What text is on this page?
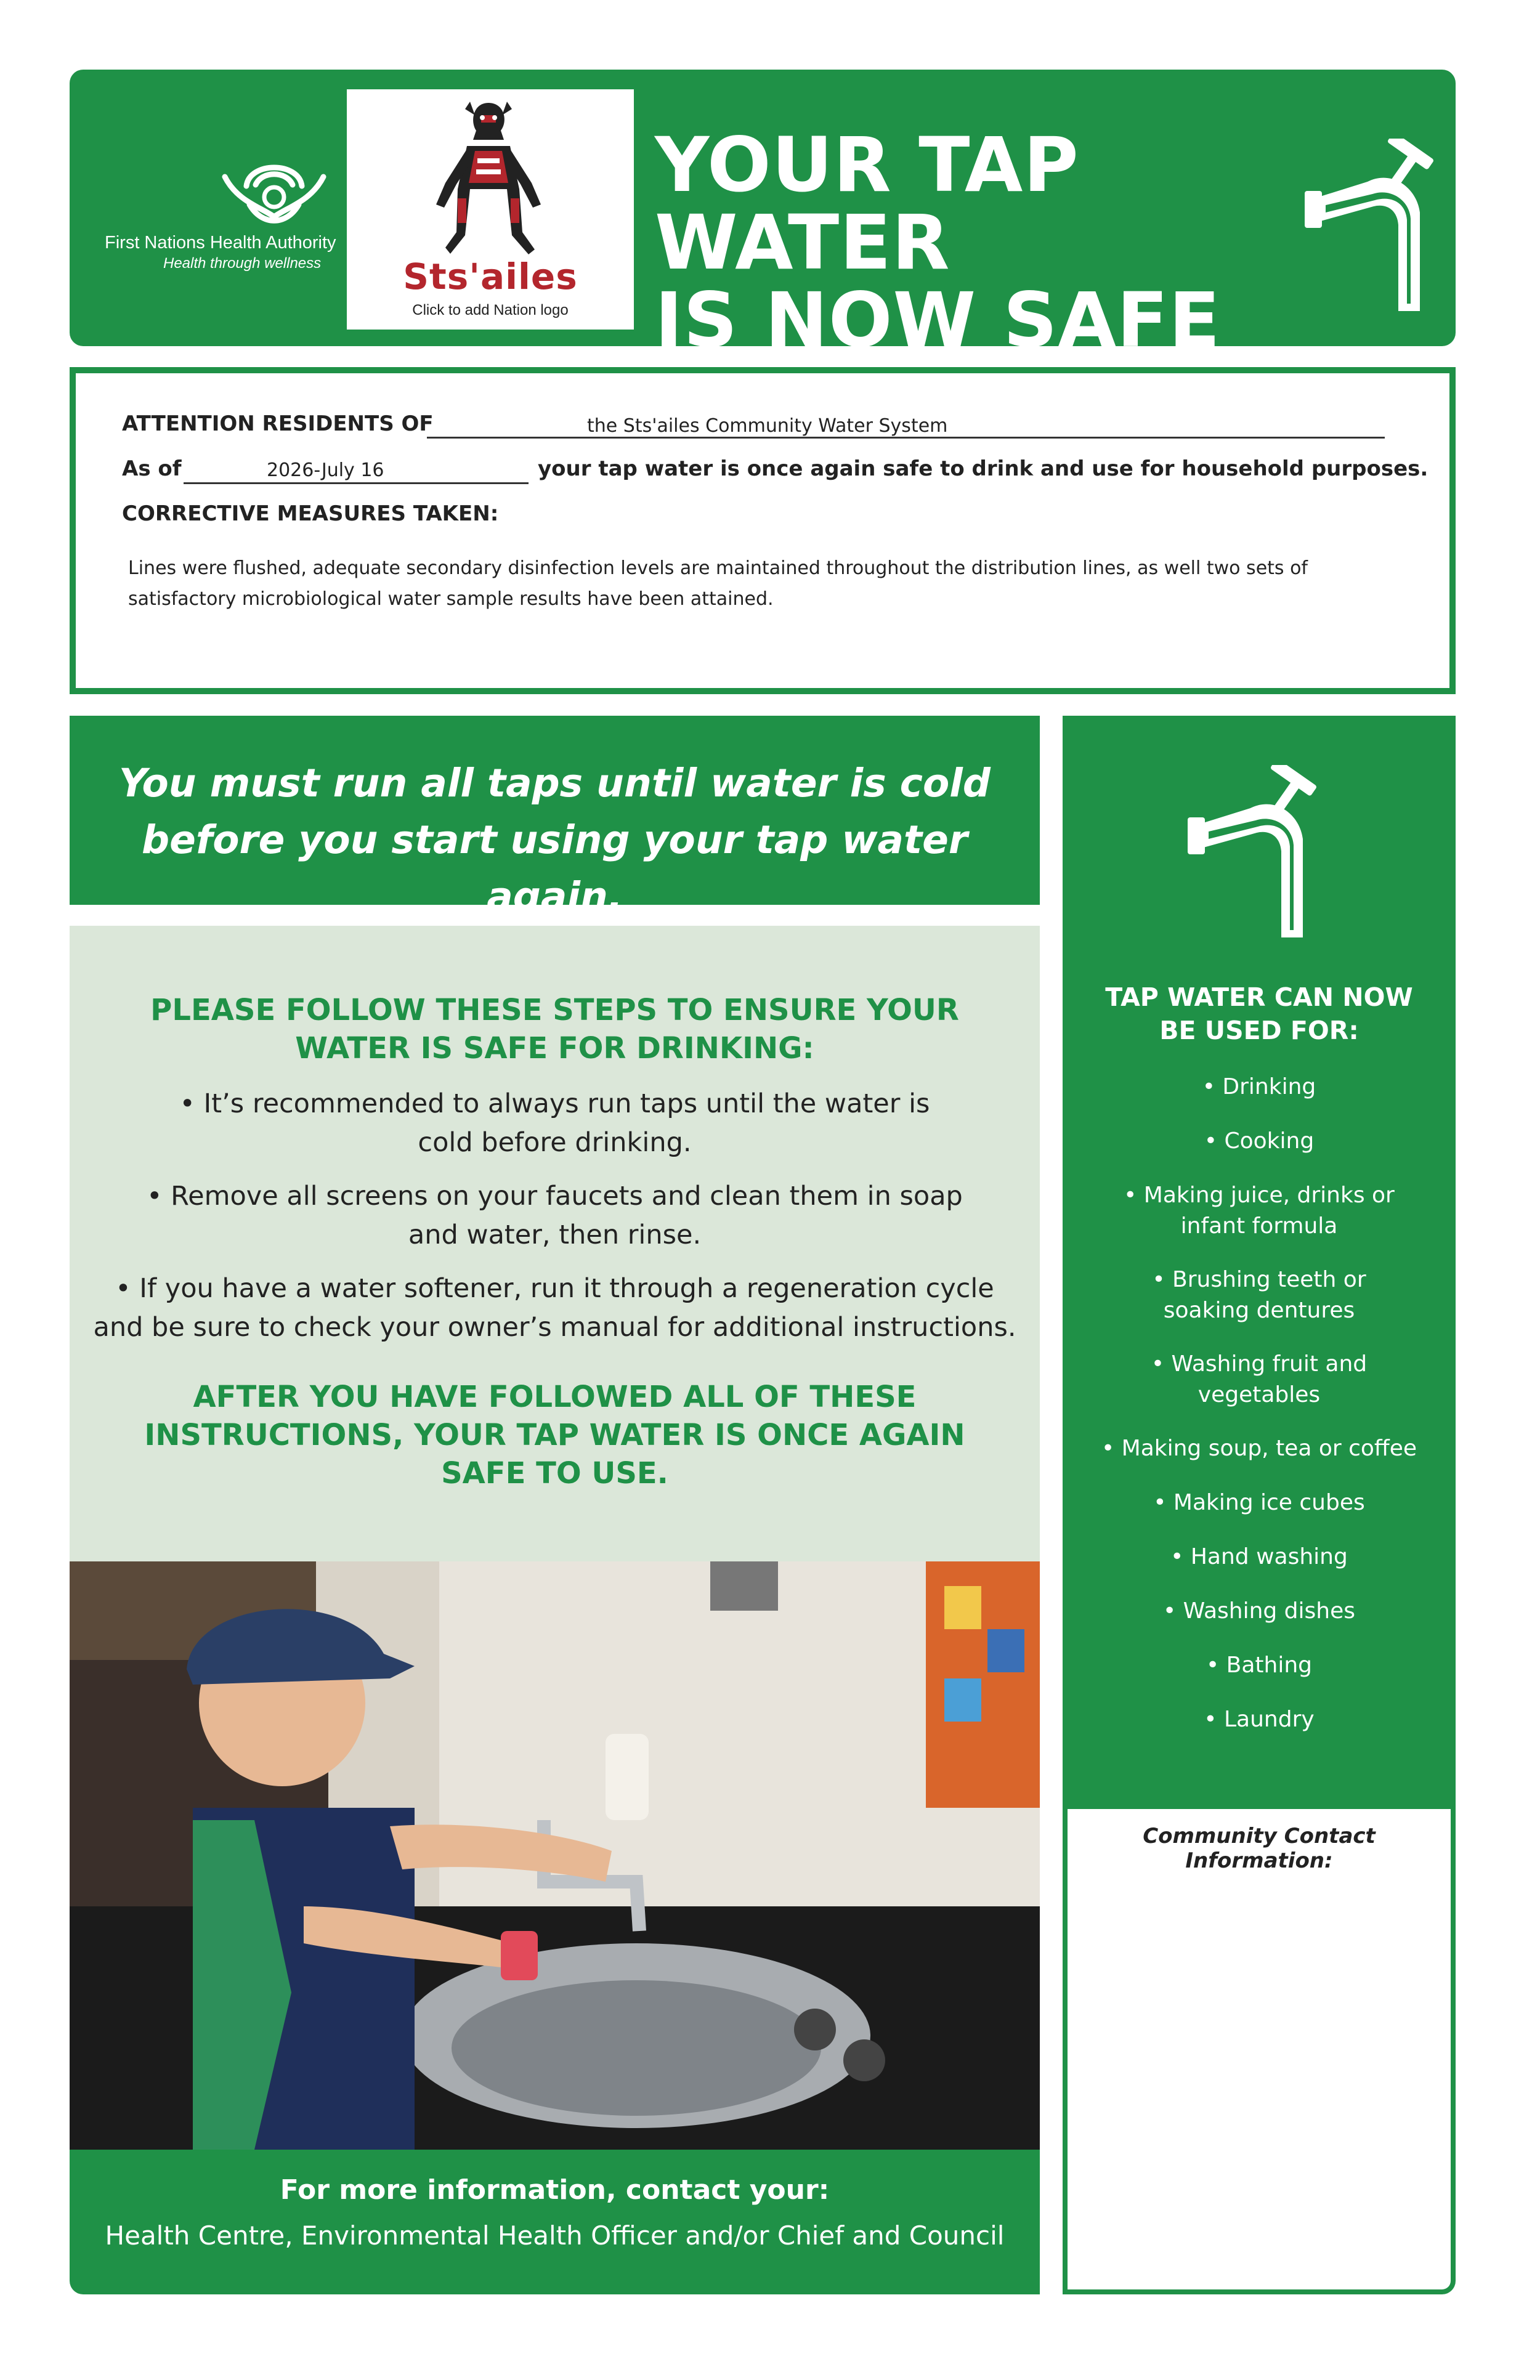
First Nations Health Authority
Health through wellness	Sts'ailes
Click to add Nation logo
YOUR TAP WATER
IS NOW SAFE
ATTENTION RESIDENTS OF	the Sts'ailes Community Water System
As of	2026-July 16	your tap water is once again safe to drink and use for household purposes.
CORRECTIVE MEASURES TAKEN:
Lines were flushed, adequate secondary disinfection levels are maintained throughout the distribution lines, as well two sets of satisfactory microbiological water sample results have been attained.
You must run all taps until water is cold
before you start using your tap water again.
PLEASE FOLLOW THESE STEPS TO ENSURE YOUR
WATER IS SAFE FOR DRINKING:
• It’s recommended to always run taps until the water is
cold before drinking.
• Remove all screens on your faucets and clean them in soap
and water, then rinse.
• If you have a water softener, run it through a regeneration cycle
and be sure to check your owner’s manual for additional instructions.
AFTER YOU HAVE FOLLOWED ALL OF THESE
INSTRUCTIONS, YOUR TAP WATER IS ONCE AGAIN
SAFE TO USE.
For more information, contact your:
Health Centre, Environmental Health Officer and/or Chief and Council
TAP WATER CAN NOW
BE USED FOR:
• Drinking
• Cooking
• Making juice, drinks or
infant formula
• Brushing teeth or
soaking dentures
• Washing fruit and
vegetables
• Making soup, tea or coffee
• Making ice cubes
• Hand washing
• Washing dishes
• Bathing
• Laundry
Community Contact Information:
